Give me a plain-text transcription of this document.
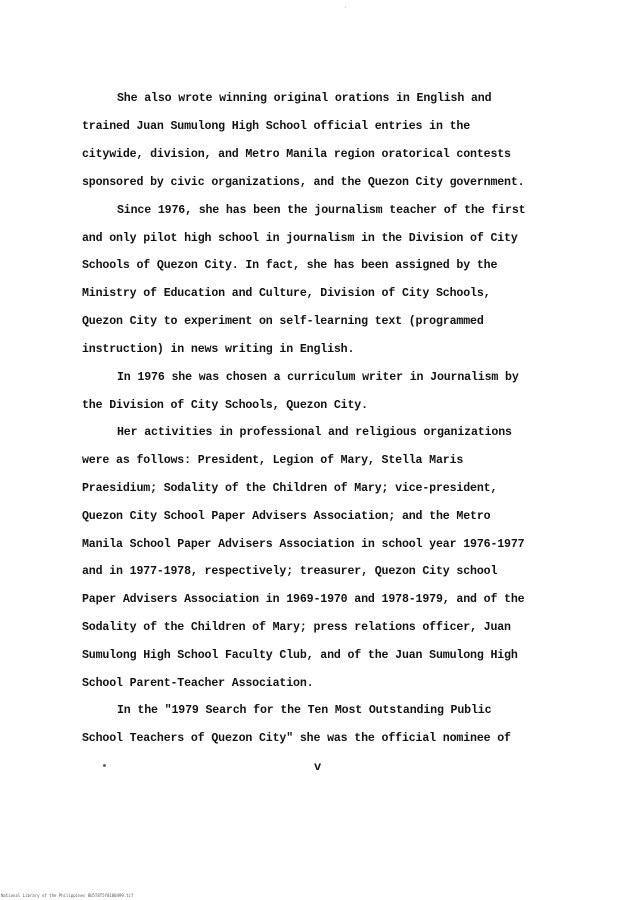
She also wrote winning original orations in English and
trained Juan Sumulong High School official entries in the
citywide, division, and Metro Manila region oratorical contests
sponsored by civic organizations, and the Quezon City government.
Since 1976, she has been the journalism teacher of the first
and only pilot high school in journalism in the Division of City
Schools of Quezon City. In fact, she has been assigned by the
Ministry of Education and Culture, Division of City Schools,
Quezon City to experiment on self-learning text (programmed
instruction) in news writing in English.
In 1976 she was chosen a curriculum writer in Journalism by
the Division of City Schools, Quezon City.
Her activities in professional and religious organizations
were as follows: President, Legion of Mary, Stella Maris
Praesidium; Sodality of the Children of Mary; vice-president,
Quezon City School Paper Advisers Association; and the Metro
Manila School Paper Advisers Association in school year 1976-1977
and in 1977-1978, respectively; treasurer, Quezon City school
Paper Advisers Association in 1969-1970 and 1978-1979, and of the
Sodality of the Children of Mary; press relations officer, Juan
Sumulong High School Faculty Club, and of the Juan Sumulong High
School Parent-Teacher Association.
In the "1979 Search for the Ten Most Outstanding Public
School Teachers of Quezon City" she was the official nominee of
v
National Library of the Philippines 8U5T8T5Y0100499.tif
